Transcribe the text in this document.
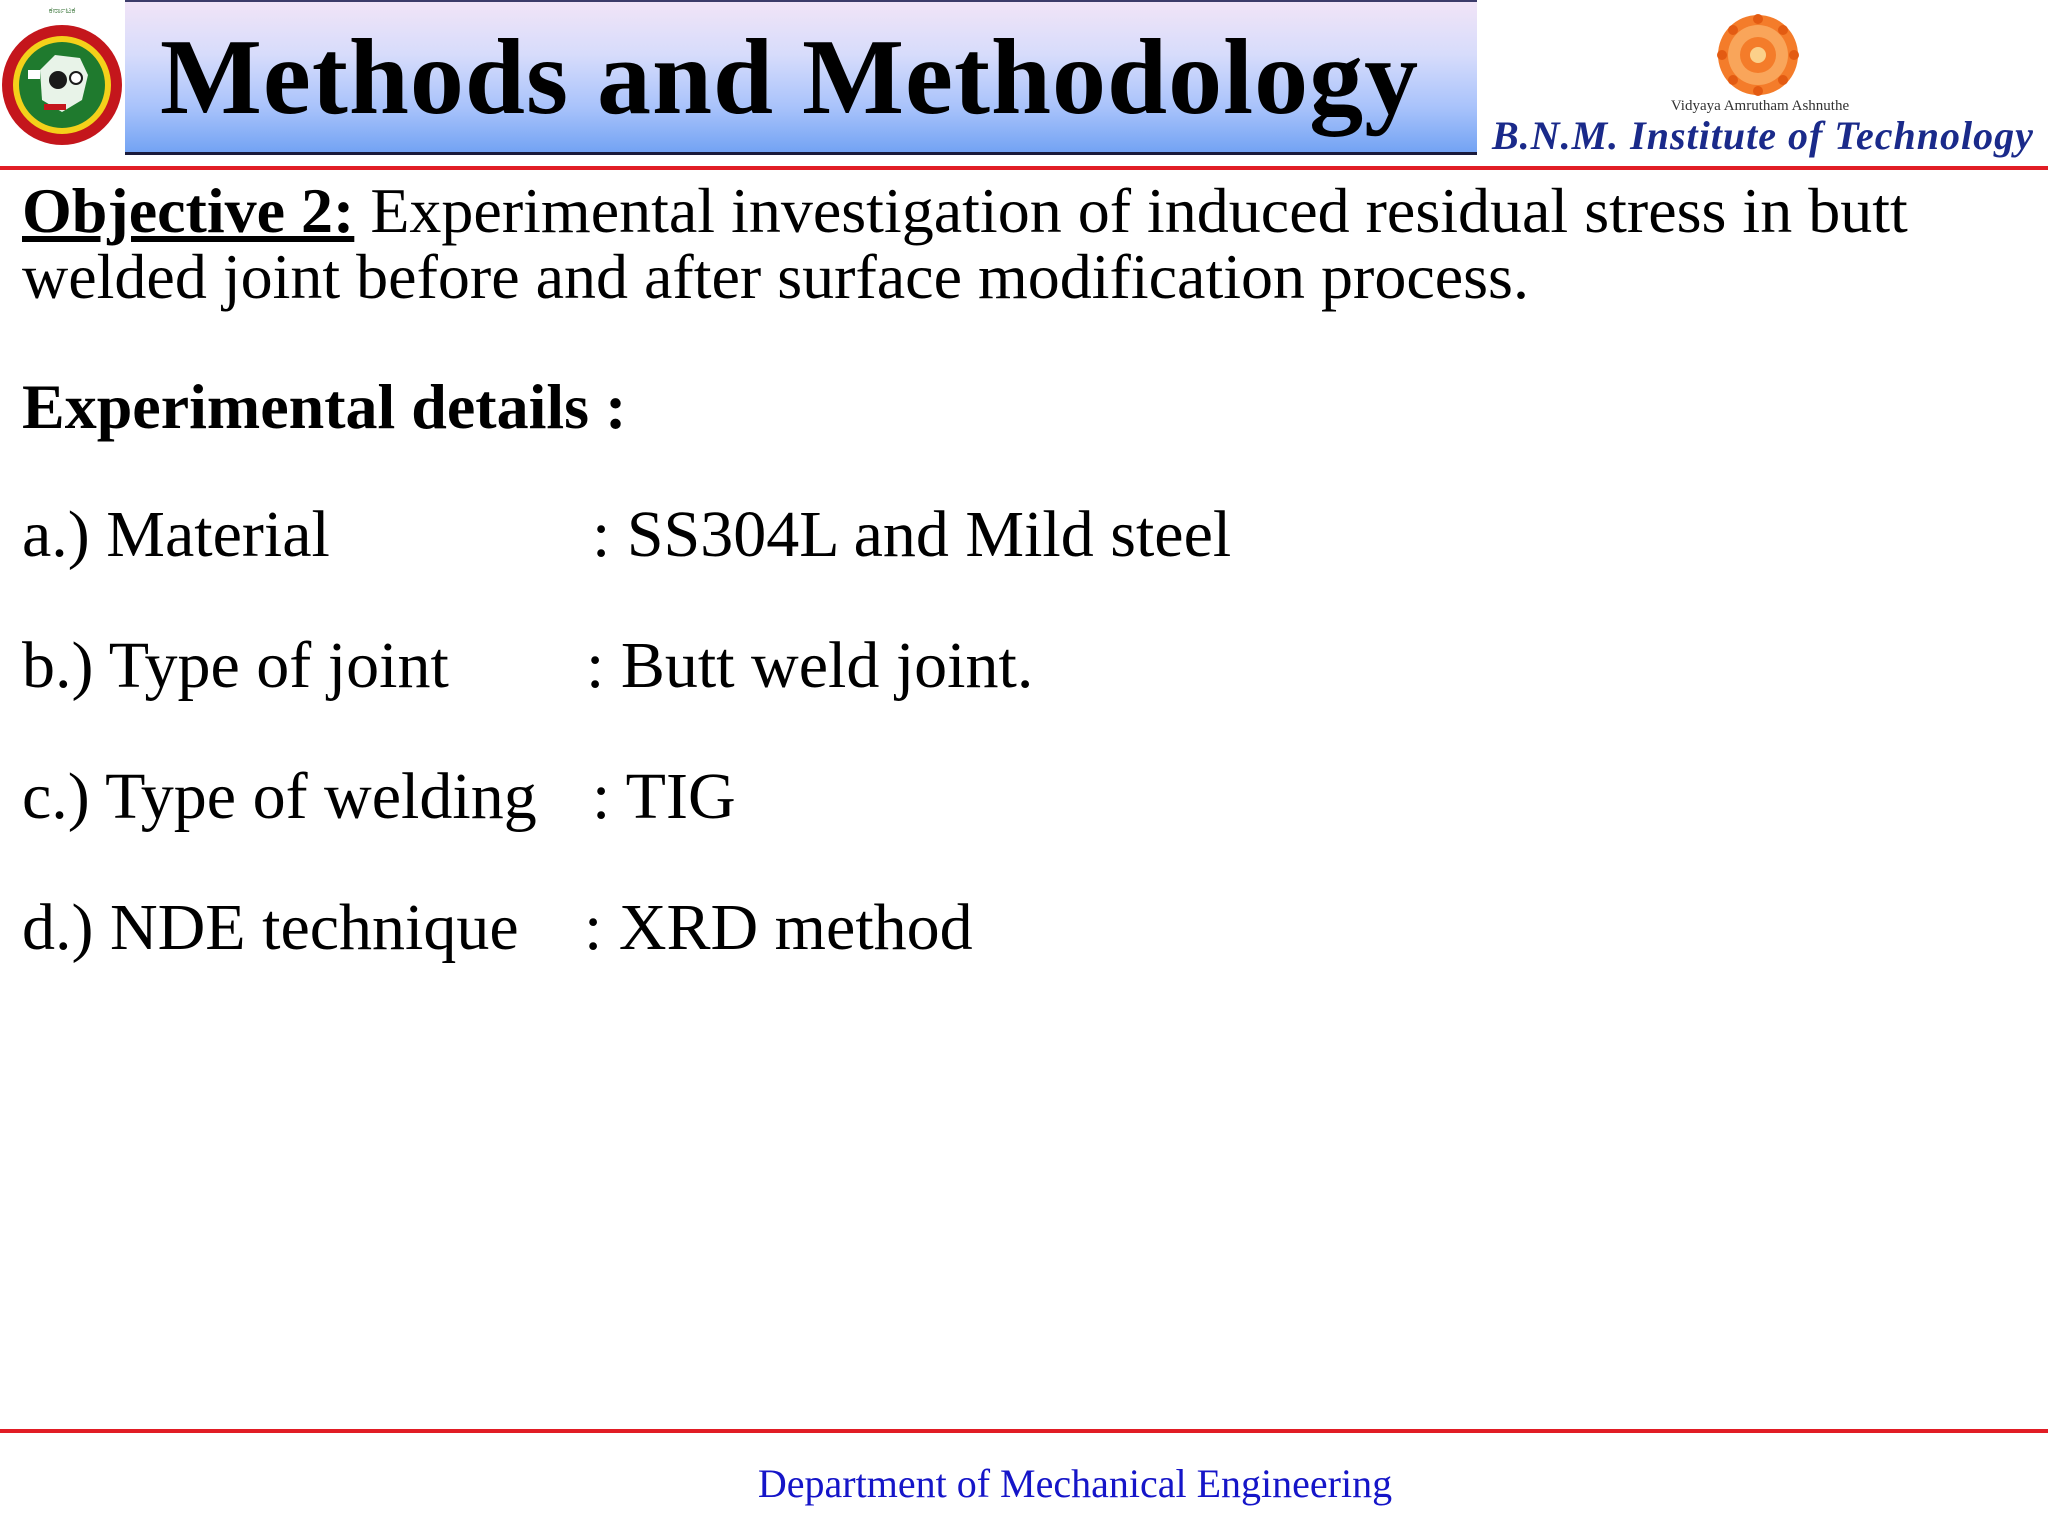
ಕರ್ನಾಟಕ
Methods and Methodology	Vidyaya Amrutham Ashnuthe
B.N.M. Institute of Technology

Objective 2: Experimental investigation of induced residual stress in butt welded joint before and after surface modification process.

Experimental details :
a.) Material	: SS304L and Mild steel
b.) Type of joint : Butt weld joint.
c.) Type of welding : TIG
d.) NDE technique : XRD method
Department of Mechanical Engineering
